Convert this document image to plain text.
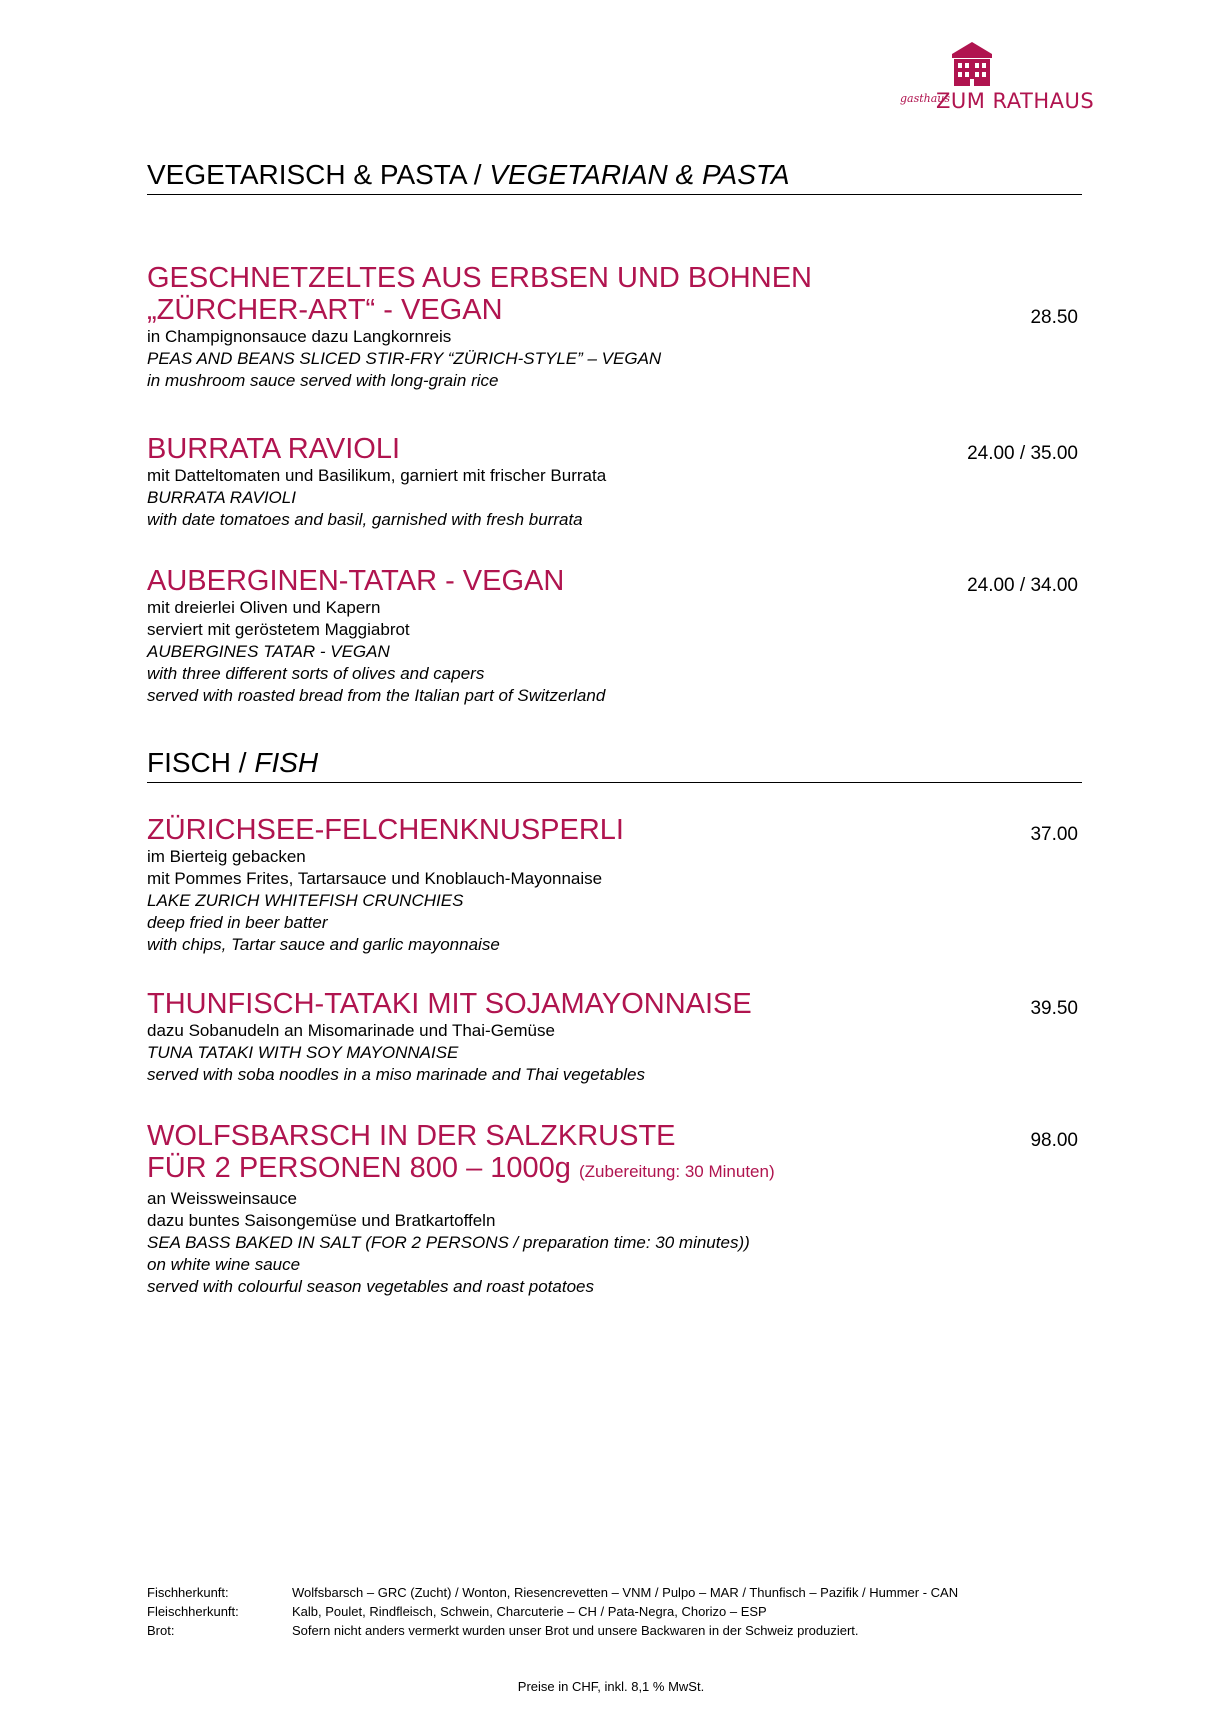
gasthaus
ZUM RATHAUS
VEGETARISCH & PASTA / VEGETARIAN & PASTA
GESCHNETZELTES AUS ERBSEN UND BOHNEN
„ZÜRCHER-ART“ - VEGAN	28.50
in Champignonsauce dazu Langkornreis
PEAS AND BEANS SLICED STIR-FRY “ZÜRICH-STYLE” – VEGAN
in mushroom sauce served with long-grain rice
BURRATA RAVIOLI	24.00 / 35.00
mit Datteltomaten und Basilikum, garniert mit frischer Burrata
BURRATA RAVIOLI
with date tomatoes and basil, garnished with fresh burrata
AUBERGINEN-TATAR - VEGAN	24.00 / 34.00
mit dreierlei Oliven und Kapern
serviert mit geröstetem Maggiabrot
AUBERGINES TATAR - VEGAN
with three different sorts of olives and capers
served with roasted bread from the Italian part of Switzerland
FISCH / FISH
ZÜRICHSEE-FELCHENKNUSPERLI	37.00
im Bierteig gebacken
mit Pommes Frites, Tartarsauce und Knoblauch-Mayonnaise
LAKE ZURICH WHITEFISH CRUNCHIES
deep fried in beer batter
with chips, Tartar sauce and garlic mayonnaise
THUNFISCH-TATAKI MIT SOJAMAYONNAISE	39.50
dazu Sobanudeln an Misomarinade und Thai-Gemüse
TUNA TATAKI WITH SOY MAYONNAISE
served with soba noodles in a miso marinade and Thai vegetables
WOLFSBARSCH IN DER SALZKRUSTE
FÜR 2 PERSONEN 800 – 1000g (Zubereitung: 30 Minuten)
98.00
an Weissweinsauce
dazu buntes Saisongemüse und Bratkartoffeln
SEA BASS BAKED IN SALT (FOR 2 PERSONS / preparation time: 30 minutes))
on white wine sauce
served with colourful season vegetables and roast potatoes
Fischherkunft:	Wolfsbarsch – GRC (Zucht) / Wonton, Riesencrevetten – VNM / Pulpo – MAR / Thunfisch – Pazifik / Hummer - CAN
Fleischherkunft:	Kalb, Poulet, Rindfleisch, Schwein, Charcuterie – CH / Pata-Negra, Chorizo – ESP
Brot:	Sofern nicht anders vermerkt wurden unser Brot und unsere Backwaren in der Schweiz produziert.
Preise in CHF, inkl. 8,1 % MwSt.
